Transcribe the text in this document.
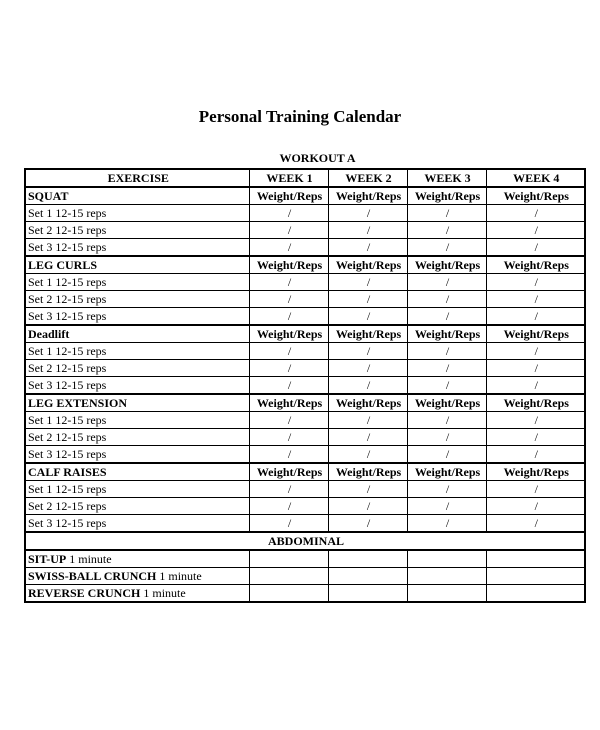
Personal Training Calendar
WORKOUT A
EXERCISE	WEEK 1	WEEK 2	WEEK 3	WEEK 4
SQUAT	Weight/Reps	Weight/Reps	Weight/Reps	Weight/Reps
Set 1 12-15 reps	/	/	/	/
Set 2 12-15 reps	/	/	/	/
Set 3 12-15 reps	/	/	/	/
LEG CURLS	Weight/Reps	Weight/Reps	Weight/Reps	Weight/Reps
Set 1 12-15 reps	/	/	/	/
Set 2 12-15 reps	/	/	/	/
Set 3 12-15 reps	/	/	/	/
Deadlift	Weight/Reps	Weight/Reps	Weight/Reps	Weight/Reps
Set 1 12-15 reps	/	/	/	/
Set 2 12-15 reps	/	/	/	/
Set 3 12-15 reps	/	/	/	/
LEG EXTENSION	Weight/Reps	Weight/Reps	Weight/Reps	Weight/Reps
Set 1 12-15 reps	/	/	/	/
Set 2 12-15 reps	/	/	/	/
Set 3 12-15 reps	/	/	/	/
CALF RAISES	Weight/Reps	Weight/Reps	Weight/Reps	Weight/Reps
Set 1 12-15 reps	/	/	/	/
Set 2 12-15 reps	/	/	/	/
Set 3 12-15 reps	/	/	/	/
ABDOMINAL				
SIT-UP 1 minute				
SWISS-BALL CRUNCH 1 minute				
REVERSE CRUNCH 1 minute				
